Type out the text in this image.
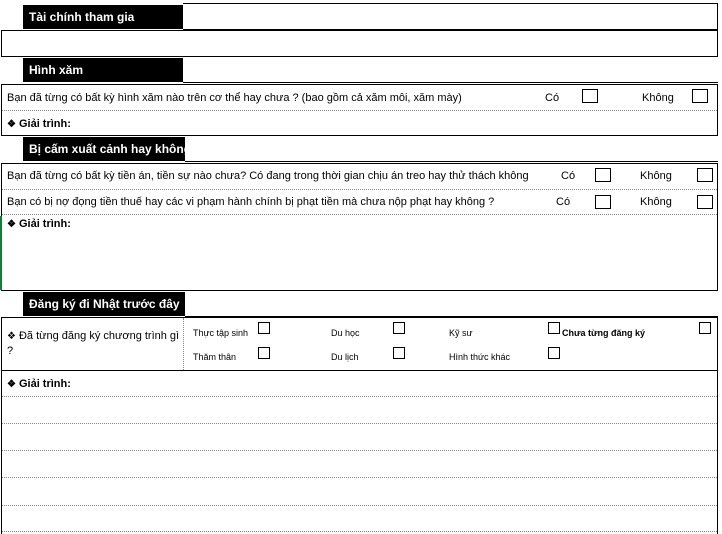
Tài chính tham gia
Hình xăm
Bạn đã từng có bất kỳ hình xăm nào trên cơ thể hay chưa ? (bao gồm cả xăm môi, xăm mày)	Có	Không
❖ Giải trình:
Bị cấm xuất cảnh hay không
Bạn đã từng có bất kỳ tiền án, tiền sự nào chưa? Có đang trong thời gian chịu án treo hay thử thách không	Có	Không
Bạn có bị nợ đọng tiền thuế hay các vi phạm hành chính bị phạt tiền mà chưa nộp phạt hay không ?	Có	Không
❖ Giải trình:
Đăng ký đi Nhật trước đây
❖ Đã từng đăng ký chương trình gì ?
Thực tập sinh	Du học	Kỹ sư	Chưa từng đăng ký
Thăm thân	Du lịch	Hình thức khác
❖ Giải trình:
